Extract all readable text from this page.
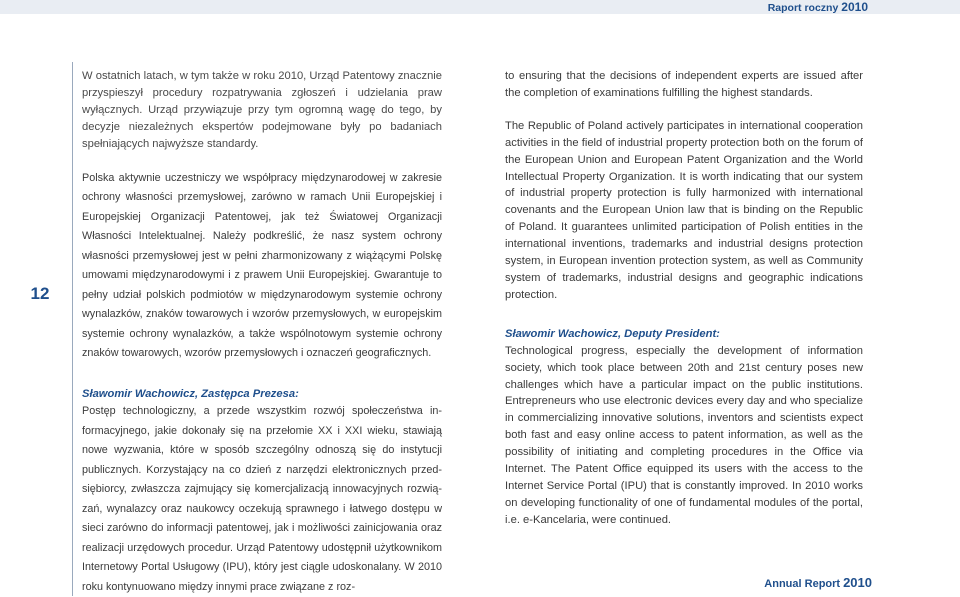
Raport roczny 2010
12

W ostatnich latach, w tym także w roku 2010, Urząd Patentowy znacznie przyspieszył procedury rozpatrywania zgłoszeń i udzielania praw wyłącznych. Urząd przywiązuje przy tym ogromną wagę do tego, by decyzje niezależnych ekspertów podejmowane były po badaniach spełniających najwyższe standardy.

Polska aktywnie uczestniczy we współpracy międzynarodowej w zakresie ochrony własności przemysłowej, zarówno w ramach Unii Europejskiej i Europejskiej Organizacji Patentowej, jak też Światowej Organizacji Własności Intelektualnej. Należy podkreślić, że nasz system ochrony własności przemysłowej jest w pełni zharmonizowany z wiążącymi Polskę umowami międzynarodowymi i z prawem Unii Europejskiej. Gwarantuje to pełny udział polskich podmiotów w międzynarodowym systemie ochrony wynalazków, znaków towarowych i wzorów przemysłowych, w europejskim systemie ochrony wynalazków, a także wspólnotowym systemie ochrony znaków towarowych, wzorów przemysłowych i oznaczeń geograficznych.

Sławomir Wachowicz, Zastępca Prezesa:

Postęp technologiczny, a przede wszystkim rozwój społeczeństwa informacyjnego, jakie dokonały się na przełomie XX i XXI wieku, stawiają nowe wyzwania, które w sposób szczególny odnoszą się do instytucji publicznych. Korzystający na co dzień z narzędzi elektronicznych przedsiębiorcy, zwłaszcza zajmujący się komercjalizacją innowacyjnych rozwiązań, wynalazcy oraz naukowcy oczekują sprawnego i łatwego dostępu w sieci zarówno do informacji patentowej, jak i możliwości zainicjowania oraz realizacji urzędowych procedur. Urząd Patentowy udostępnił użytkownikom Internetowy Portal Usługowy (IPU), który jest ciągle udoskonalany. W 2010 roku kontynuowano między innymi prace związane z roz-

to ensuring that the decisions of independent experts are issued after the completion of examinations fulfilling the highest standards.

The Republic of Poland actively participates in international cooperation activities in the field of industrial property protection both on the forum of the European Union and European Patent Organization and the World Intellectual Property Organization. It is worth indicating that our system of industrial property protection is fully harmonized with international covenants and the European Union law that is binding on the Republic of Poland. It guarantees unlimited participation of Polish entities in the international inventions, trademarks and industrial designs protection system, in European invention protection system, as well as Community system of trademarks, industrial designs and geographic indications protection.

Sławomir Wachowicz, Deputy President:

Technological progress, especially the development of information society, which took place between 20th and 21st century poses new challenges which have a particular impact on the public institutions. Entrepreneurs who use electronic devices every day and who specialize in commercializing innovative solutions, inventors and scientists expect both fast and easy online access to patent information, as well as the possibility of initiating and completing procedures in the Office via Internet. The Patent Office equipped its users with the access to the Internet Service Portal (IPU) that is constantly improved. In 2010 works on developing functionality of one of fundamental modules of the portal, i.e. e-Kancelaria, were continued.

Annual Report 2010
